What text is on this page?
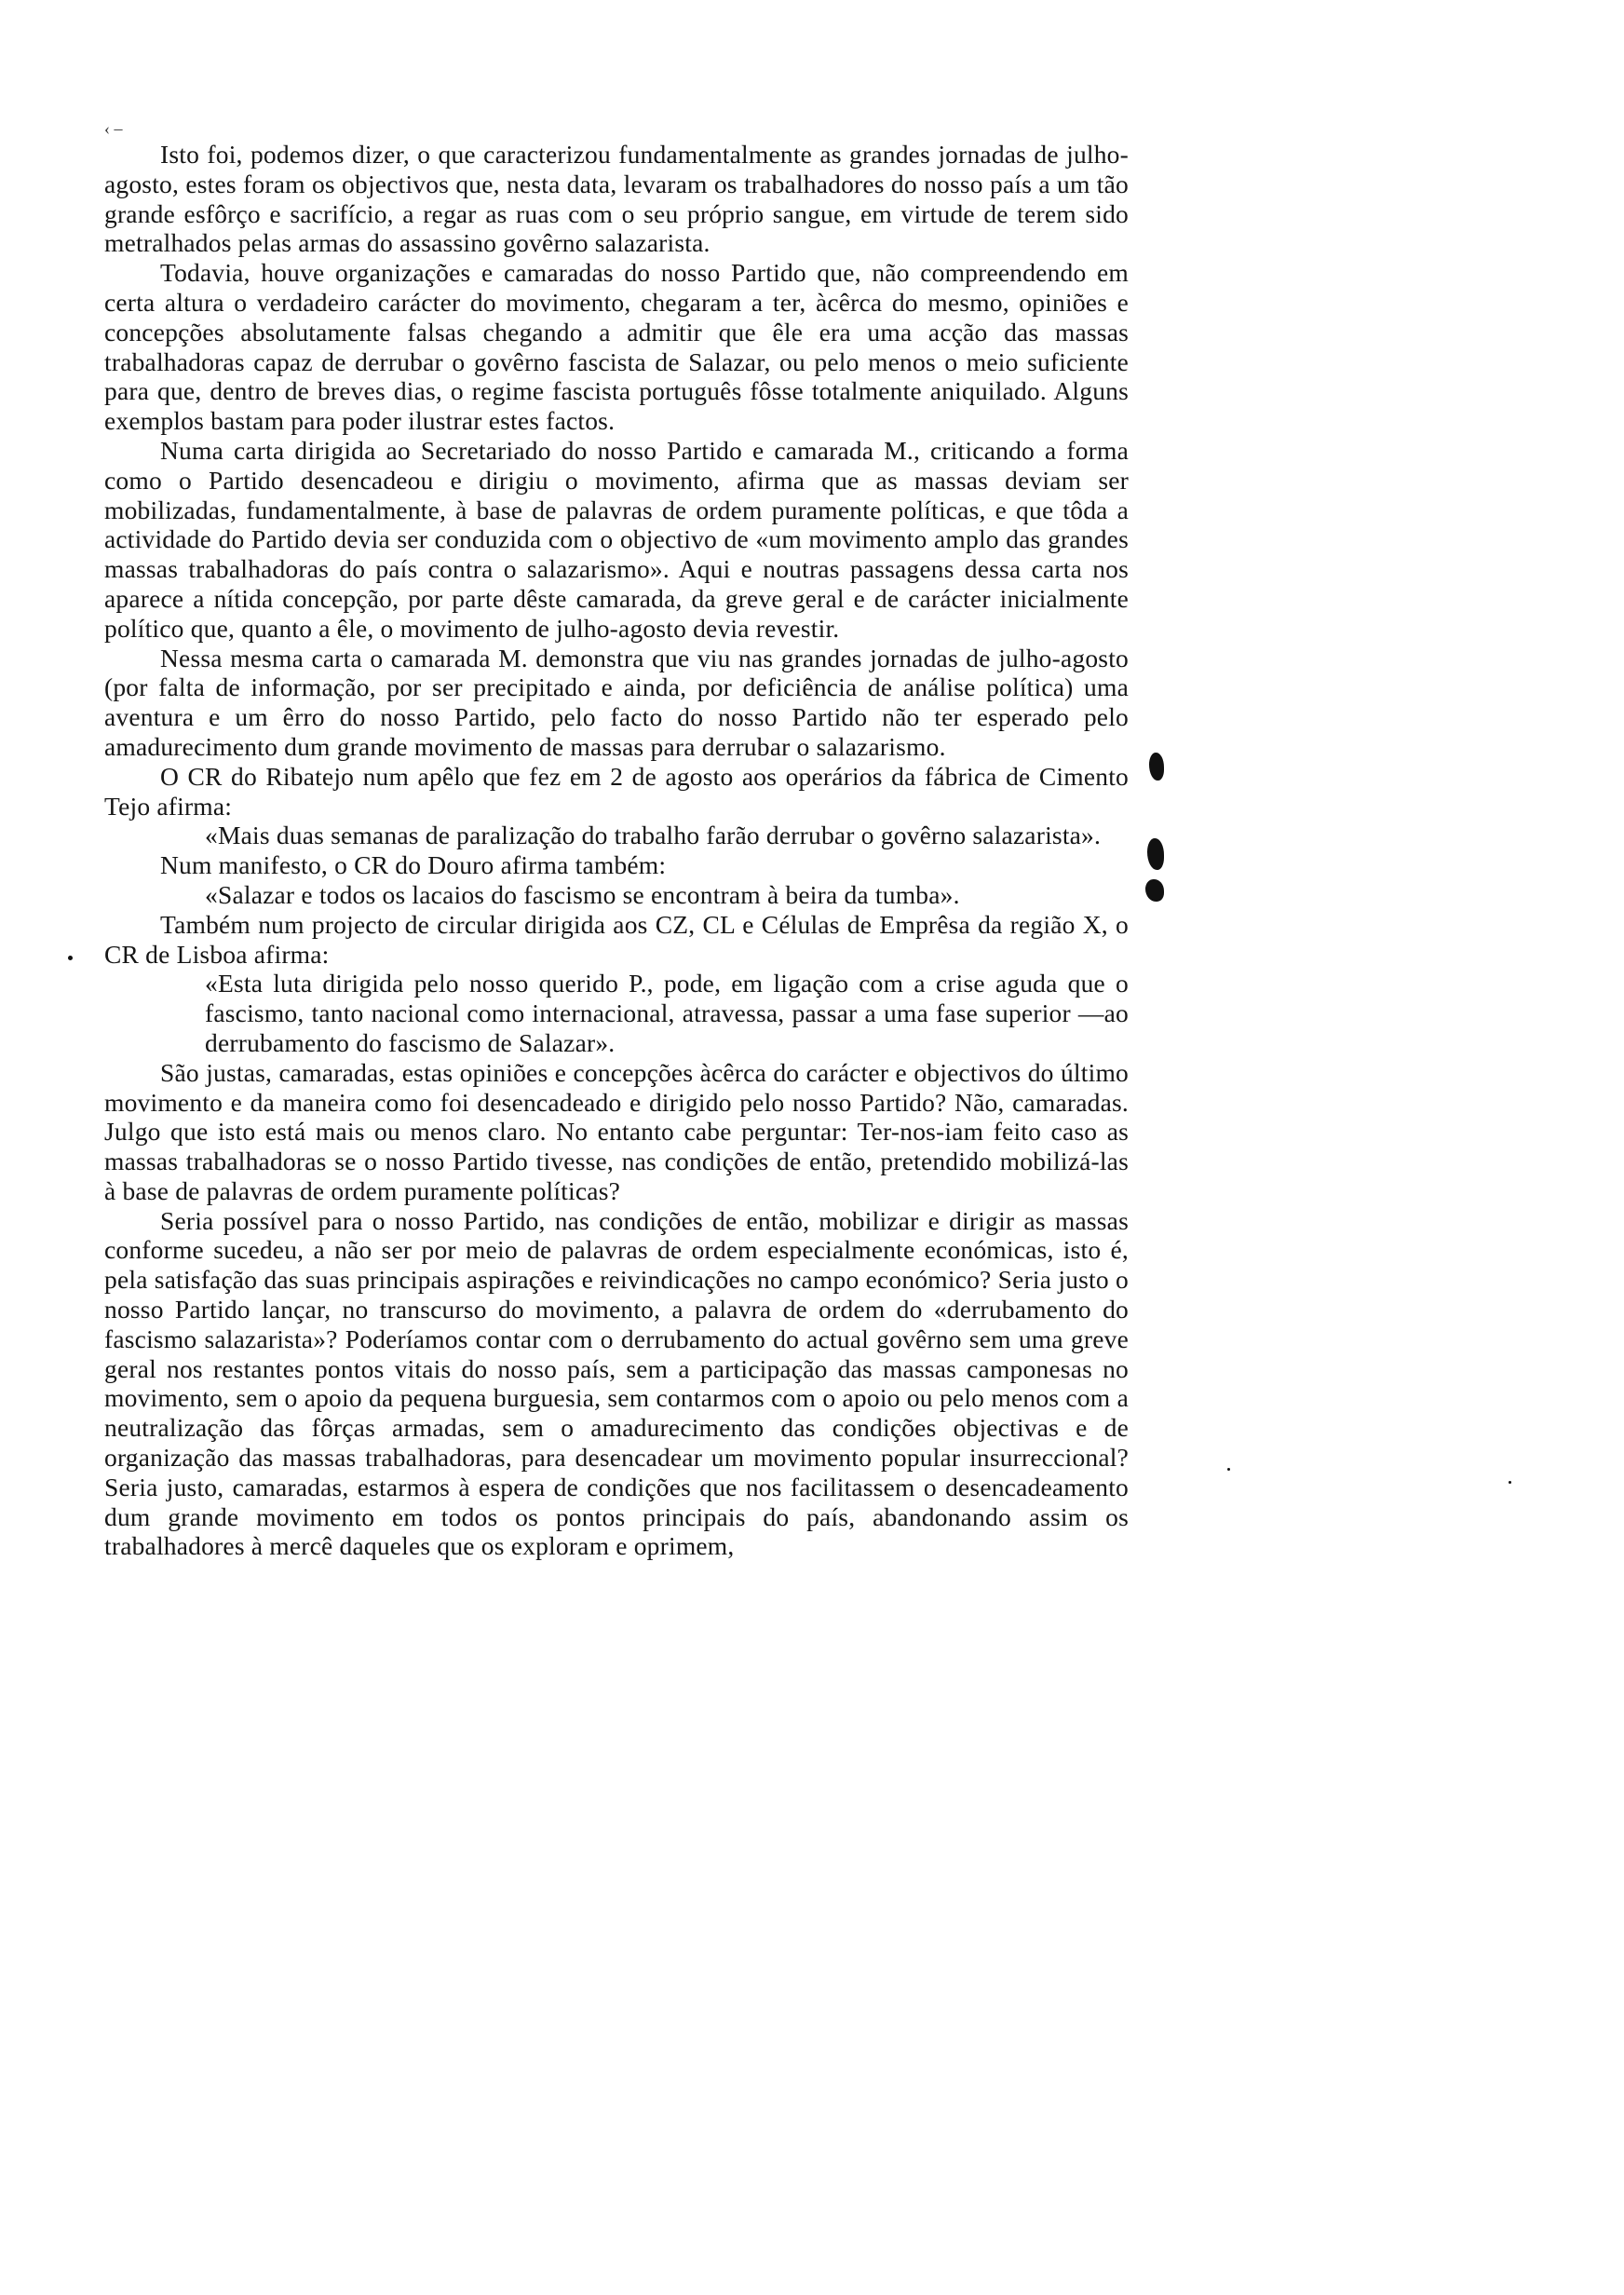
‹ –

Isto foi, podemos dizer, o que caracterizou fundamentalmente as grandes jornadas de julho-agosto, estes foram os objectivos que, nesta data, levaram os trabalhadores do nosso país a um tão grande esfôrço e sacrifício, a regar as ruas com o seu próprio sangue, em virtude de terem sido metralhados pelas armas do assassino govêrno salazarista.

Todavia, houve organizações e camaradas do nosso Partido que, não compreendendo em certa altura o verdadeiro carácter do movimento, chegaram a ter, àcêrca do mesmo, opiniões e concepções absolutamente falsas chegando a admitir que êle era uma acção das massas trabalhadoras capaz de derrubar o govêrno fascista de Salazar, ou pelo menos o meio suficiente para que, dentro de breves dias, o regime fascista português fôsse totalmente aniquilado. Alguns exemplos bastam para poder ilustrar estes factos.

Numa carta dirigida ao Secretariado do nosso Partido e camarada M., criticando a forma como o Partido desencadeou e dirigiu o movimento, afirma que as massas deviam ser mobilizadas, fundamentalmente, à base de palavras de ordem puramente políticas, e que tôda a actividade do Partido devia ser conduzida com o objectivo de «um movimento amplo das grandes massas trabalhadoras do país contra o salazarismo». Aqui e noutras passagens dessa carta nos aparece a nítida concepção, por parte dêste camarada, da greve geral e de carácter inicialmente político que, quanto a êle, o movimento de julho-agosto devia revestir.

Nessa mesma carta o camarada M. demonstra que viu nas grandes jornadas de julho-agosto (por falta de informação, por ser precipitado e ainda, por deficiência de análise política) uma aventura e um êrro do nosso Partido, pelo facto do nosso Partido não ter esperado pelo amadurecimento dum grande movimento de massas para derrubar o salazarismo.

O CR do Ribatejo num apêlo que fez em 2 de agosto aos operários da fábrica de Cimento Tejo afirma:

«Mais duas semanas de paralização do trabalho farão derrubar o govêrno salazarista».

Num manifesto, o CR do Douro afirma também:

«Salazar e todos os lacaios do fascismo se encontram à beira da tumba».

Também num projecto de circular dirigida aos CZ, CL e Células de Emprêsa da região X, o CR de Lisboa afirma:

«Esta luta dirigida pelo nosso querido P., pode, em ligação com a crise aguda que o fascismo, tanto nacional como internacional, atravessa, passar a uma fase superior —ao derrubamento do fascismo de Salazar».

São justas, camaradas, estas opiniões e concepções àcêrca do carácter e objectivos do último movimento e da maneira como foi desencadeado e dirigido pelo nosso Partido? Não, camaradas. Julgo que isto está mais ou menos claro. No entanto cabe perguntar: Ter-nos-iam feito caso as massas trabalhadoras se o nosso Partido tivesse, nas condições de então, pretendido mobilizá-las à base de palavras de ordem puramente políticas?

Seria possível para o nosso Partido, nas condições de então, mobilizar e dirigir as massas conforme sucedeu, a não ser por meio de palavras de ordem especialmente económicas, isto é, pela satisfação das suas principais aspirações e reivindicações no campo económico? Seria justo o nosso Partido lançar, no transcurso do movimento, a palavra de ordem do «derrubamento do fascismo salazarista»? Poderíamos contar com o derrubamento do actual govêrno sem uma greve geral nos restantes pontos vitais do nosso país, sem a participação das massas camponesas no movimento, sem o apoio da pequena burguesia, sem contarmos com o apoio ou pelo menos com a neutralização das fôrças armadas, sem o amadurecimento das condições objectivas e de organização das massas trabalhadoras, para desencadear um movimento popular insurreccional? Seria justo, camaradas, estarmos à espera de condições que nos facilitassem o desencadeamento dum grande movimento em todos os pontos principais do país, abandonando assim os trabalhadores à mercê daqueles que os exploram e oprimem,
